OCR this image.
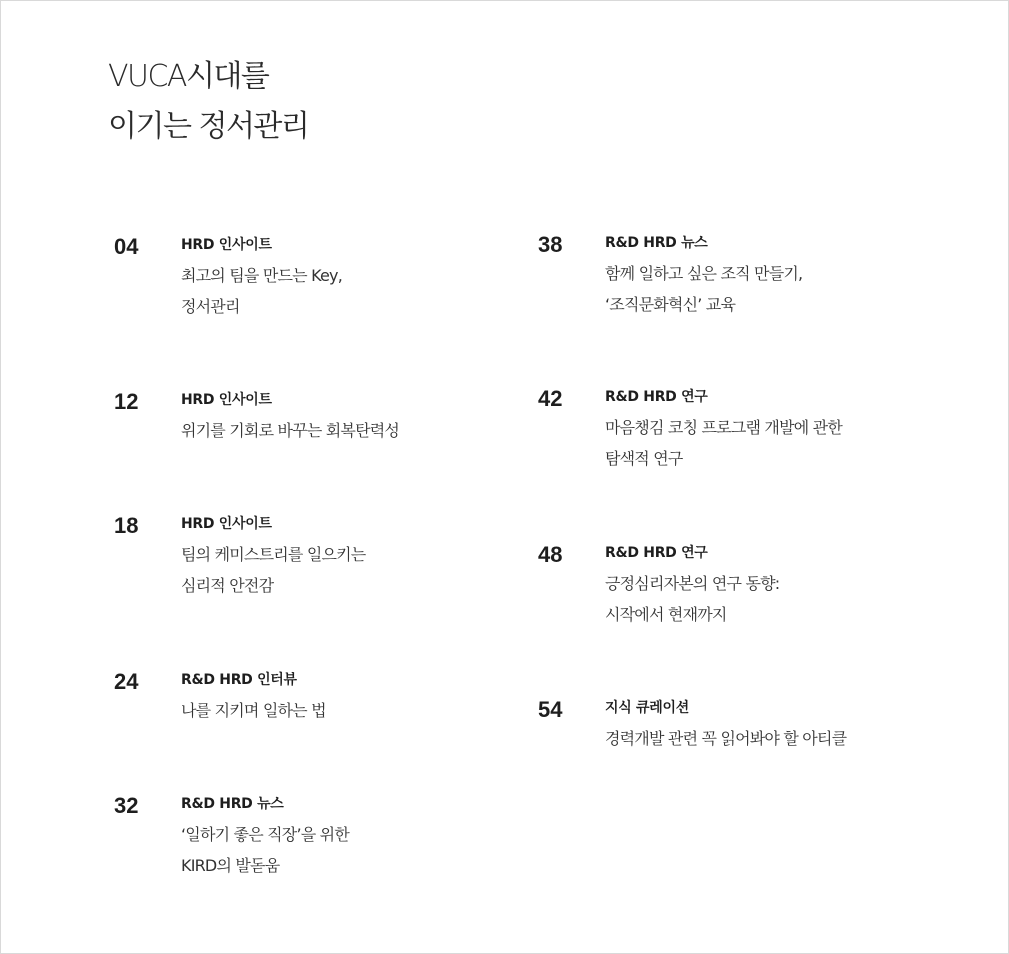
VUCA시대를
이기는 정서관리
04	HRD 인사이트
최고의 팀을 만드는 Key,
정서관리
12	HRD 인사이트
위기를 기회로 바꾸는 회복탄력성
18	HRD 인사이트
팀의 케미스트리를 일으키는
심리적 안전감
24	R&D HRD 인터뷰
나를 지키며 일하는 법
32	R&D HRD 뉴스
‘일하기 좋은 직장’을 위한
KIRD의 발돋움
38	R&D HRD 뉴스
함께 일하고 싶은 조직 만들기,
‘조직문화혁신’ 교육
42	R&D HRD 연구
마음챙김 코칭 프로그램 개발에 관한
탐색적 연구
48	R&D HRD 연구
긍정심리자본의 연구 동향:
시작에서 현재까지
54	지식 큐레이션
경력개발 관련 꼭 읽어봐야 할 아티클
